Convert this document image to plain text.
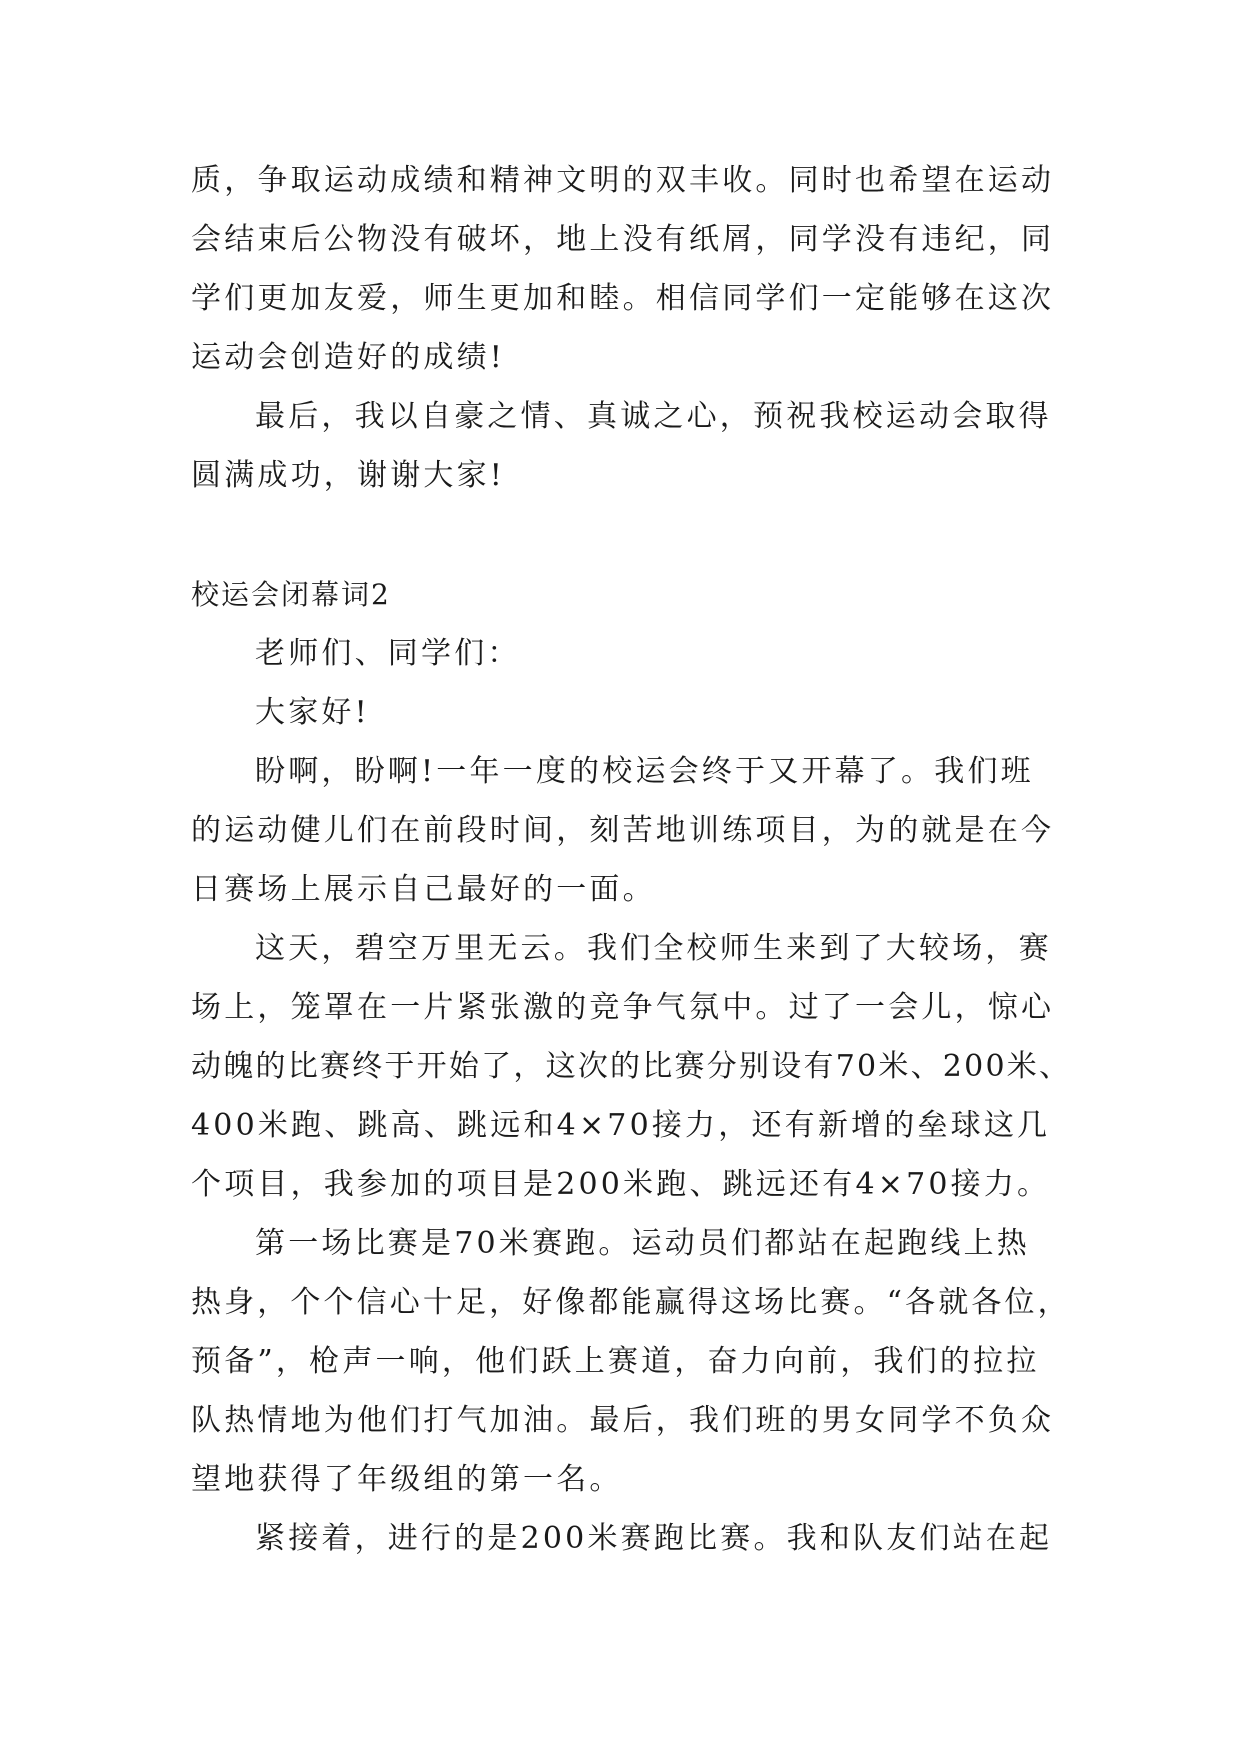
质，争取运动成绩和精神文明的双丰收。同时也希望在运动
会结束后公物没有破坏，地上没有纸屑，同学没有违纪，同
学们更加友爱，师生更加和睦。相信同学们一定能够在这次
运动会创造好的成绩!
最后，我以自豪之情、真诚之心，预祝我校运动会取得
圆满成功，谢谢大家!
校运会闭幕词2
老师们、同学们：
大家好!
盼啊，盼啊!一年一度的校运会终于又开幕了。我们班
的运动健儿们在前段时间，刻苦地训练项目，为的就是在今
日赛场上展示自己最好的一面。
这天，碧空万里无云。我们全校师生来到了大较场，赛
场上，笼罩在一片紧张激的竞争气氛中。过了一会儿，惊心
动魄的比赛终于开始了，这次的比赛分别设有70米、200米、
400米跑、跳高、跳远和4×70接力，还有新增的垒球这几
个项目，我参加的项目是200米跑、跳远还有4×70接力。
第一场比赛是70米赛跑。运动员们都站在起跑线上热
热身，个个信心十足，好像都能赢得这场比赛。“各就各位，
预备”，枪声一响，他们跃上赛道，奋力向前，我们的拉拉
队热情地为他们打气加油。最后，我们班的男女同学不负众
望地获得了年级组的第一名。
紧接着，进行的是200米赛跑比赛。我和队友们站在起
